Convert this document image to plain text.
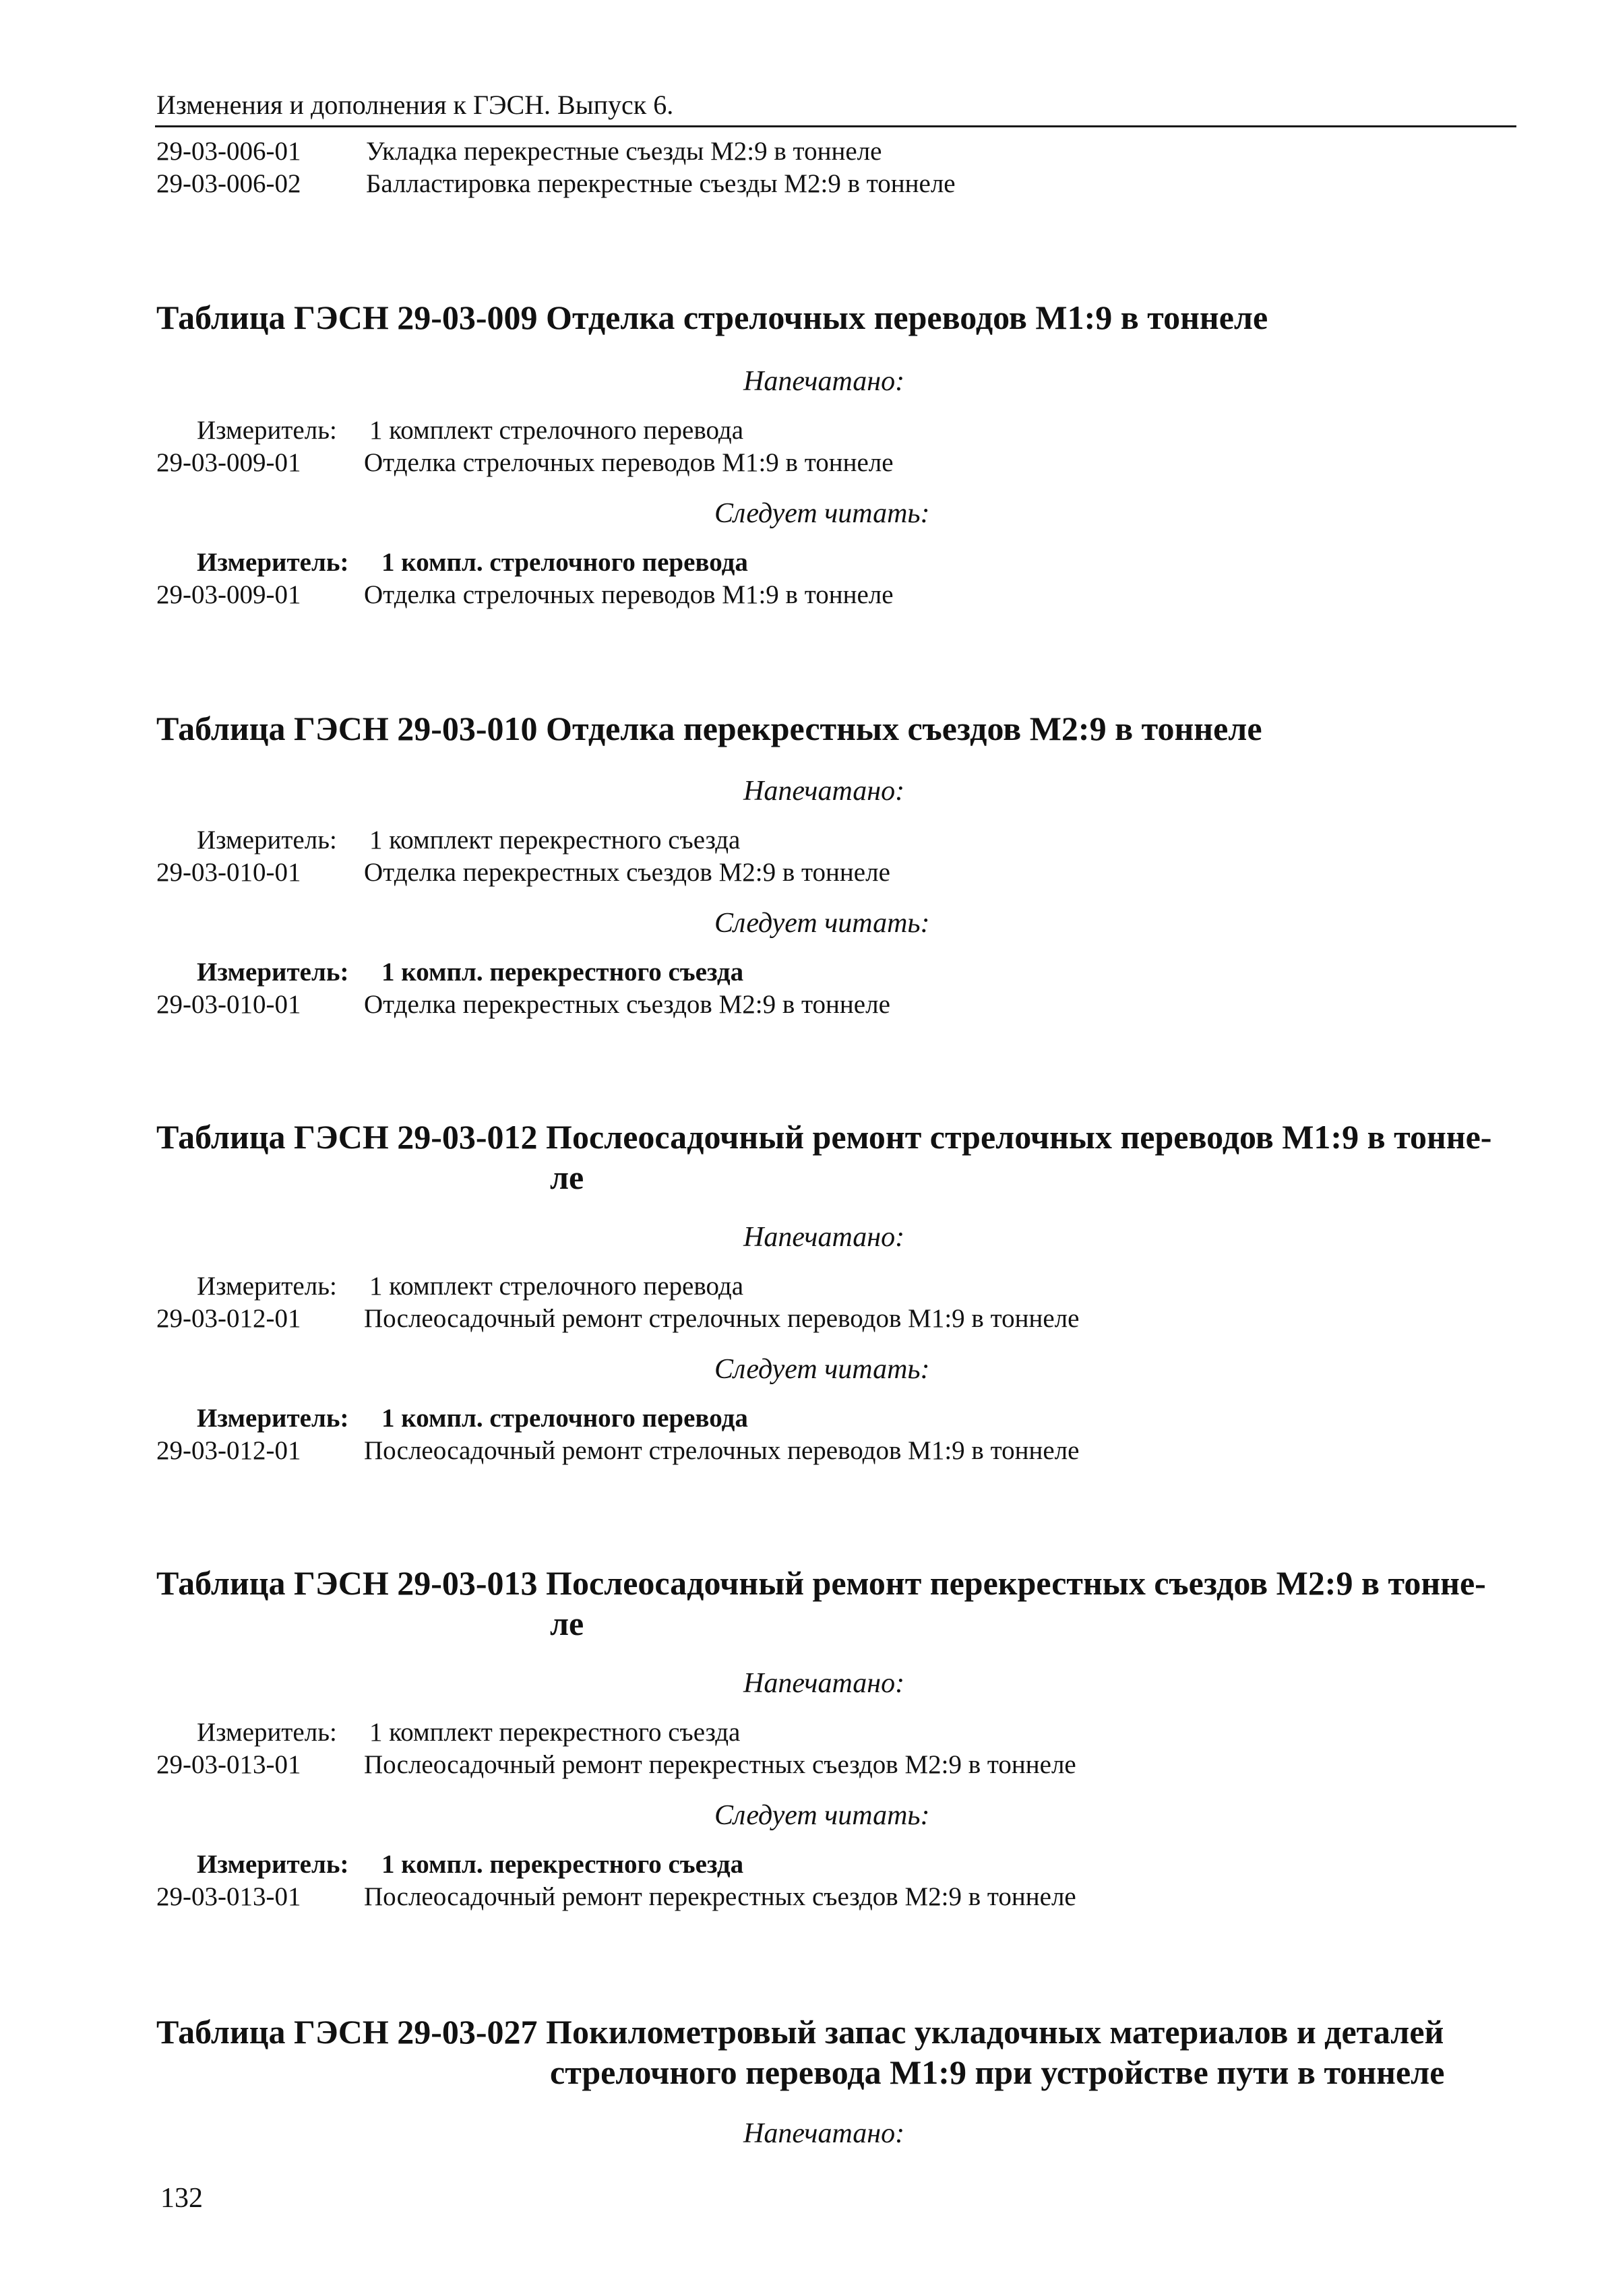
Изменения и дополнения к ГЭСН. Выпуск 6.
29-03-006-01 Укладка перекрестные съезды М2:9 в тоннеле
29-03-006-02 Балластировка перекрестные съезды М2:9 в тоннеле
Таблица ГЭСН 29-03-009 Отделка стрелочных переводов М1:9 в тоннеле
Напечатано:
Измеритель: 1 комплект стрелочного перевода
29-03-009-01 Отделка стрелочных переводов М1:9 в тоннеле
Следует читать:
Измеритель: 1 компл. стрелочного перевода
29-03-009-01 Отделка стрелочных переводов М1:9 в тоннеле
Таблица ГЭСН 29-03-010 Отделка перекрестных съездов М2:9 в тоннеле
Напечатано:
Измеритель: 1 комплект перекрестного съезда
29-03-010-01 Отделка перекрестных съездов М2:9 в тоннеле
Следует читать:
Измеритель: 1 компл. перекрестного съезда
29-03-010-01 Отделка перекрестных съездов М2:9 в тоннеле
Таблица ГЭСН 29-03-012 Послеосадочный ремонт стрелочных переводов М1:9 в тонне-
ле
Напечатано:
Измеритель: 1 комплект стрелочного перевода
29-03-012-01 Послеосадочный ремонт стрелочных переводов М1:9 в тоннеле
Следует читать:
Измеритель: 1 компл. стрелочного перевода
29-03-012-01 Послеосадочный ремонт стрелочных переводов М1:9 в тоннеле
Таблица ГЭСН 29-03-013 Послеосадочный ремонт перекрестных съездов М2:9 в тонне-
ле
Напечатано:
Измеритель: 1 комплект перекрестного съезда
29-03-013-01 Послеосадочный ремонт перекрестных съездов М2:9 в тоннеле
Следует читать:
Измеритель: 1 компл. перекрестного съезда
29-03-013-01 Послеосадочный ремонт перекрестных съездов М2:9 в тоннеле
Таблица ГЭСН 29-03-027 Покилометровый запас укладочных материалов и деталей
стрелочного перевода М1:9 при устройстве пути в тоннеле
Напечатано:
132
